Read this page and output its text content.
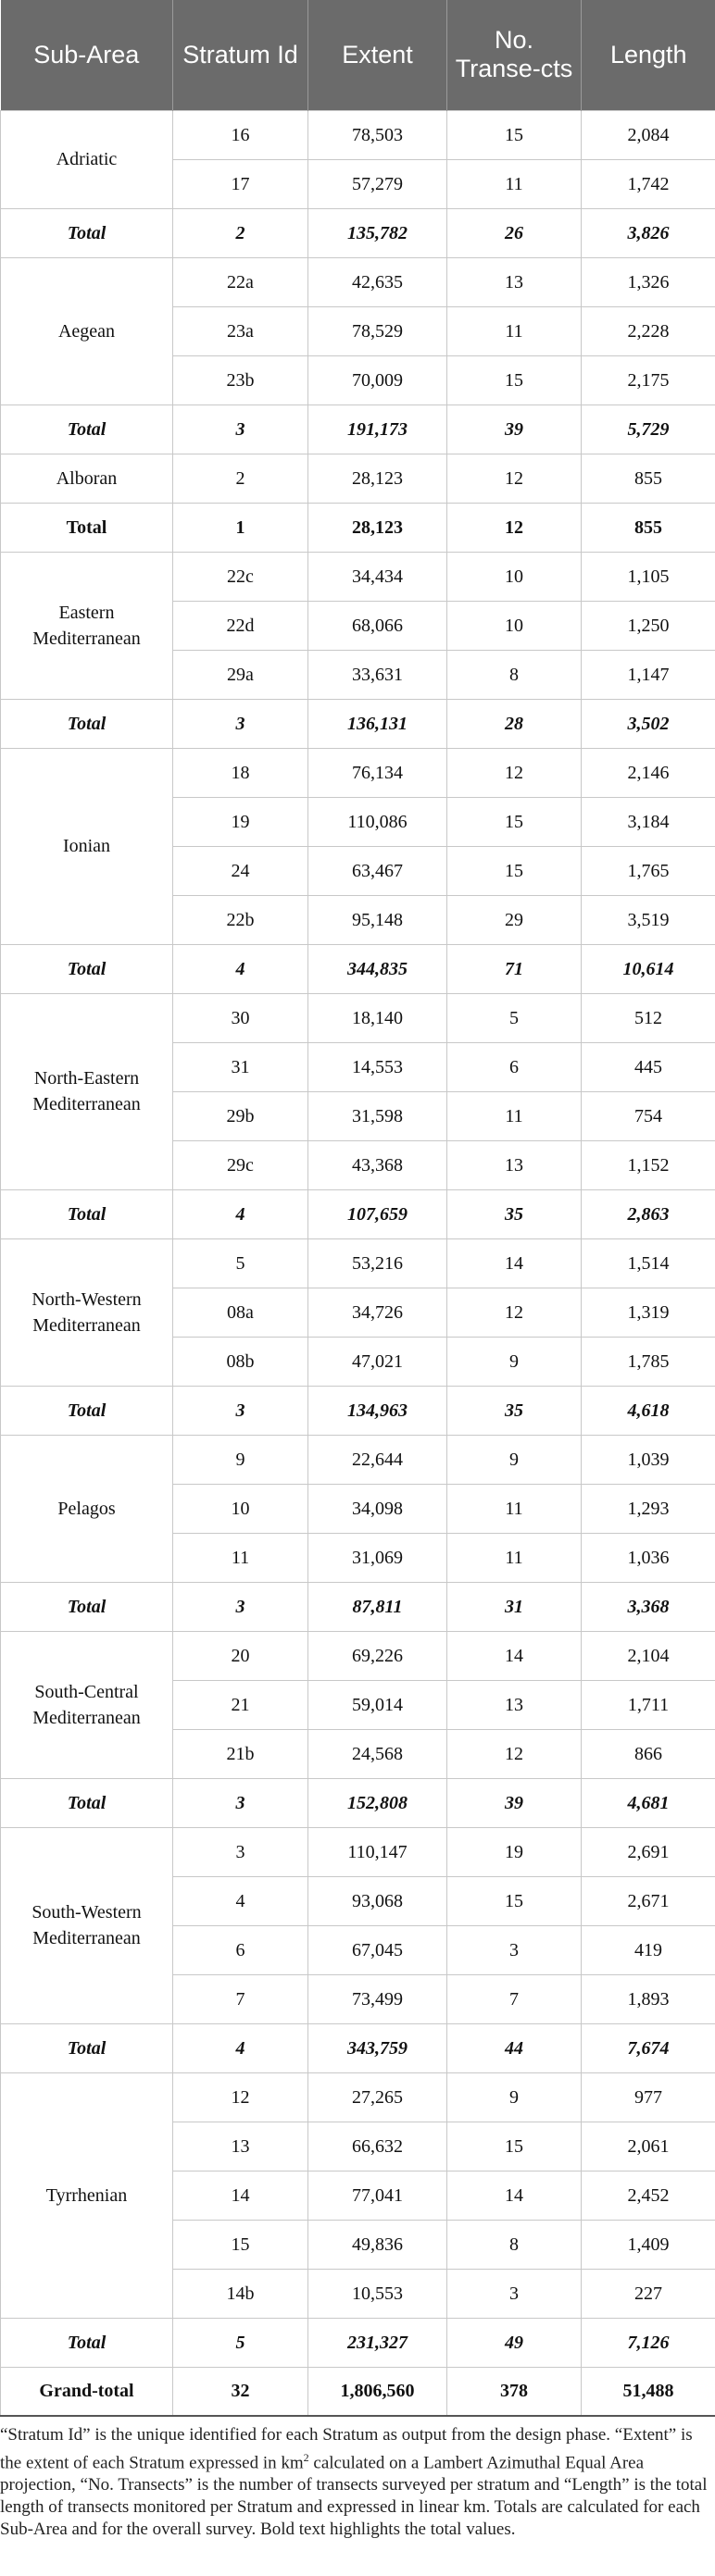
Sub-Area	Stratum Id	Extent	No. Transe-cts	Length
Adriatic	16	78,503	15	2,084
	17	57,279	11	1,742
Total	2	135,782	26	3,826
Aegean	22a	42,635	13	1,326
	23a	78,529	11	2,228
	23b	70,009	15	2,175
Total	3	191,173	39	5,729
Alboran	2	28,123	12	855
Total	1	28,123	12	855
Eastern Mediterranean	22c	34,434	10	1,105
	22d	68,066	10	1,250
	29a	33,631	8	1,147
Total	3	136,131	28	3,502
Ionian	18	76,134	12	2,146
	19	110,086	15	3,184
	24	63,467	15	1,765
	22b	95,148	29	3,519
Total	4	344,835	71	10,614
North-Eastern Mediterranean	30	18,140	5	512
	31	14,553	6	445
	29b	31,598	11	754
	29c	43,368	13	1,152
Total	4	107,659	35	2,863
North-Western Mediterranean	5	53,216	14	1,514
	08a	34,726	12	1,319
	08b	47,021	9	1,785
Total	3	134,963	35	4,618
Pelagos	9	22,644	9	1,039
	10	34,098	11	1,293
	11	31,069	11	1,036
Total	3	87,811	31	3,368
South-Central Mediterranean	20	69,226	14	2,104
	21	59,014	13	1,711
	21b	24,568	12	866
Total	3	152,808	39	4,681
South-Western Mediterranean	3	110,147	19	2,691
	4	93,068	15	2,671
	6	67,045	3	419
	7	73,499	7	1,893
Total	4	343,759	44	7,674
Tyrrhenian	12	27,265	9	977
	13	66,632	15	2,061
	14	77,041	14	2,452
	15	49,836	8	1,409
	14b	10,553	3	227
Total	5	231,327	49	7,126
Grand-total	32	1,806,560	378	51,488

“Stratum Id” is the unique identified for each Stratum as output from the design phase. “Extent” is the extent of each Stratum expressed in $km^2$ calculated on a Lambert Azimuthal Equal Area projection, “No. Transects” is the number of transects surveyed per stratum and “Length” is the total length of transects monitored per Stratum and expressed in linear km. Totals are calculated for each Sub-Area and for the overall survey. Bold text highlights the total values.
